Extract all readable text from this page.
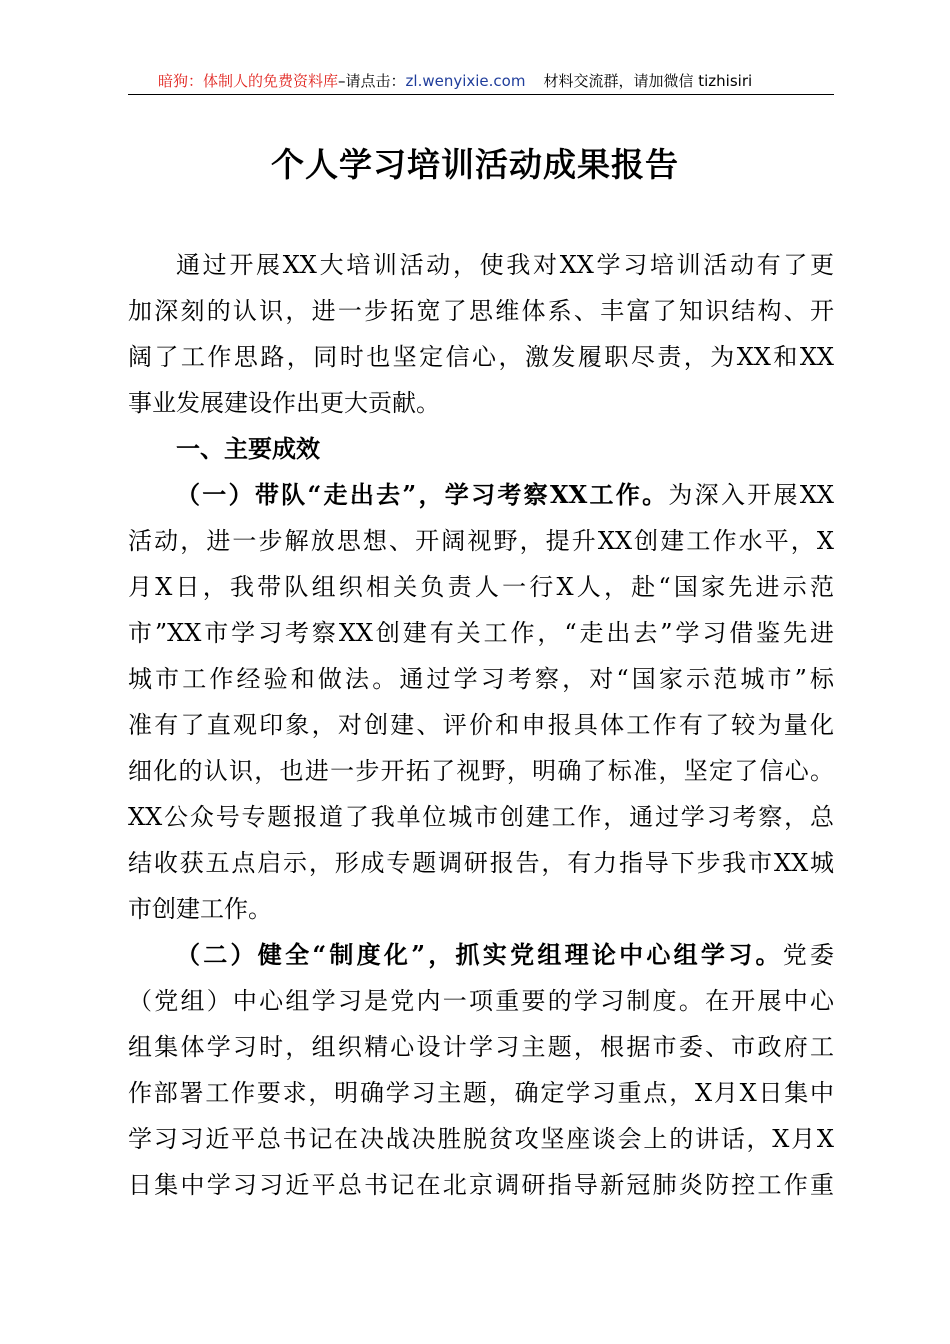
暗狗：体制人的免费资料库–请点击：zl.wenyixie.com 材料交流群，请加微信 tizhisiri
个人学习培训活动成果报告
通过开展XX大培训活动，使我对XX学习培训活动有了更
加深刻的认识，进一步拓宽了思维体系、丰富了知识结构、开
阔了工作思路，同时也坚定信心，激发履职尽责，为XX和XX
事业发展建设作出更大贡献。
一、主要成效
（一）带队“走出去”，学习考察XX工作。为深入开展XX
活动，进一步解放思想、开阔视野，提升XX创建工作水平，X
月X日，我带队组织相关负责人一行X人，赴“国家先进示范
市”XX市学习考察XX创建有关工作，“走出去”学习借鉴先进
城市工作经验和做法。通过学习考察，对“国家示范城市”标
准有了直观印象，对创建、评价和申报具体工作有了较为量化
细化的认识，也进一步开拓了视野，明确了标准，坚定了信心。
XX公众号专题报道了我单位城市创建工作，通过学习考察，总
结收获五点启示，形成专题调研报告，有力指导下步我市XX城
市创建工作。
（二）健全“制度化”，抓实党组理论中心组学习。党委
（党组）中心组学习是党内一项重要的学习制度。在开展中心
组集体学习时，组织精心设计学习主题，根据市委、市政府工
作部署工作要求，明确学习主题，确定学习重点，X月X日集中
学习习近平总书记在决战决胜脱贫攻坚座谈会上的讲话，X月X
日集中学习习近平总书记在北京调研指导新冠肺炎防控工作重
